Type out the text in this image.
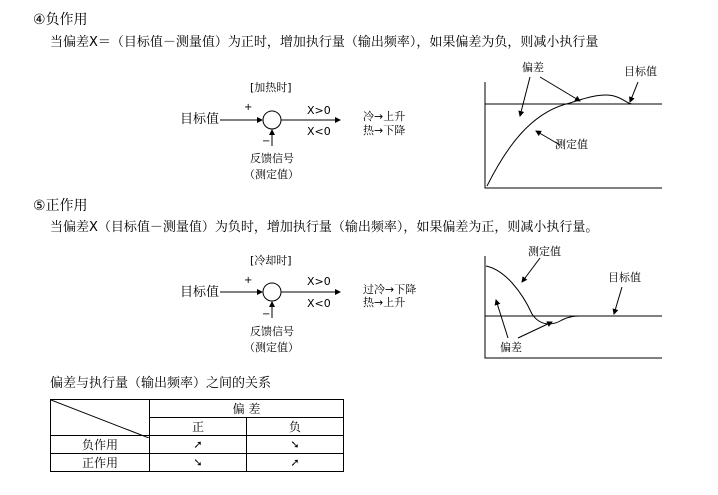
④负作用
当偏差X＝（目标值－测量值）为正时，增加执行量（输出频率），如果偏差为负，则减小执行量
[加热时]
目标值
+
−
X>0
X<0
反馈信号
（测定值）
冷→上升
热→下降
偏差	目标值
测定值
⑤正作用
当偏差X（目标值－测量值）为负时，增加执行量（输出频率），如果偏差为正，则减小执行量。
[冷却时]
目标值
+
−
X>0
X<0
反馈信号
（测定值）
过冷→下降
热→上升
测定值
目标值
偏差
偏差与执行量（输出频率）之间的关系
	偏 差	
	正	负
负作用	➚	➘
正作用	➘	➚
